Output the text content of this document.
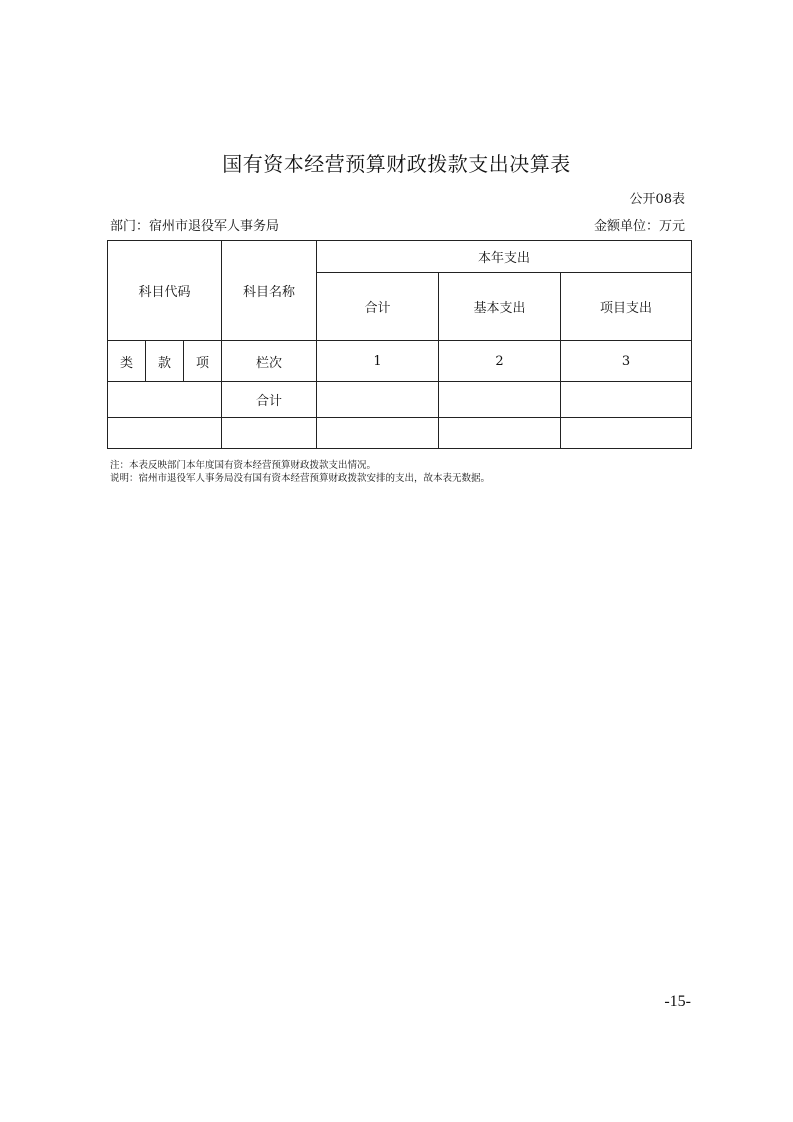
国有资本经营预算财政拨款支出决算表
公开08表
部门：宿州市退役军人事务局	金额单位：万元
科目代码			科目名称	本年支出		
				合计	基本支出	项目支出
类	款	项	栏次	1	2	3
			合计			

注：本表反映部门本年度国有资本经营预算财政拨款支出情况。
说明：宿州市退役军人事务局没有国有资本经营预算财政拨款安排的支出，故本表无数据。
-15-
